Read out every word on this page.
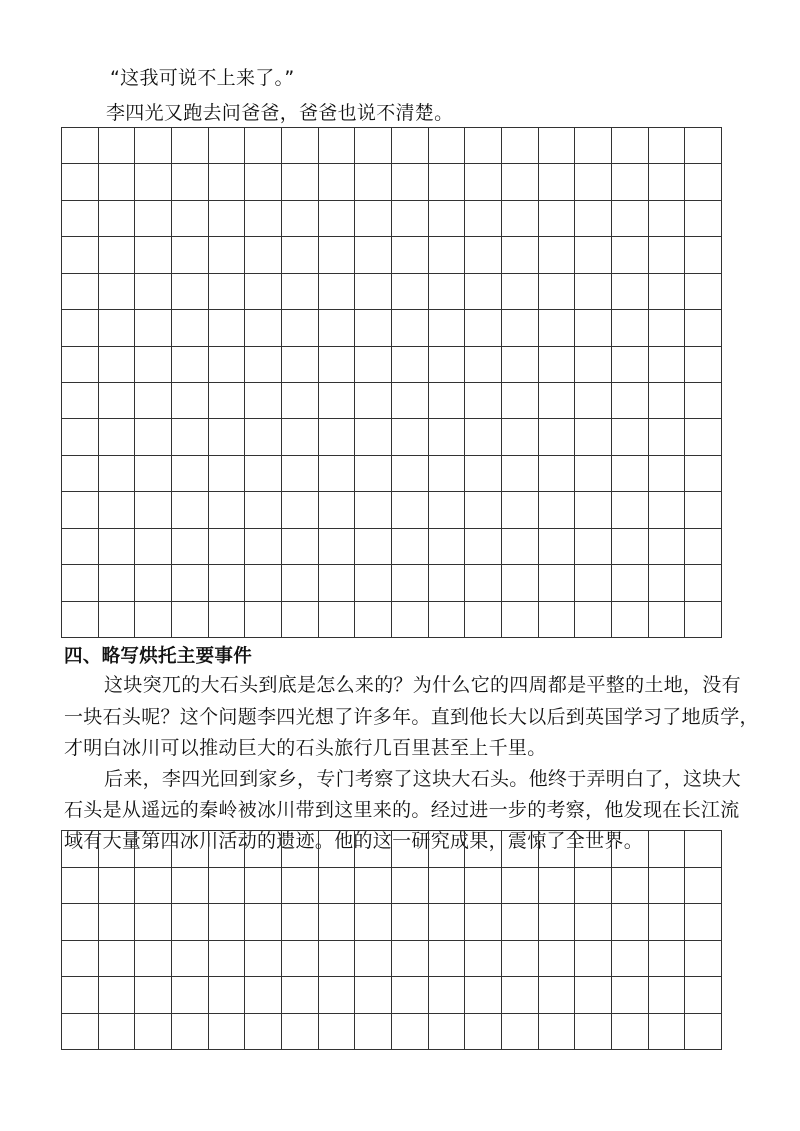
“这我可说不上来了。”
李四光又跑去问爸爸，爸爸也说不清楚。
四、略写烘托主要事件
这块突兀的大石头到底是怎么来的？为什么它的四周都是平整的土地，没有
一块石头呢？这个问题李四光想了许多年。直到他长大以后到英国学习了地质学，
才明白冰川可以推动巨大的石头旅行几百里甚至上千里。
后来，李四光回到家乡，专门考察了这块大石头。他终于弄明白了，这块大
石头是从遥远的秦岭被冰川带到这里来的。经过进一步的考察，他发现在长江流
域有大量第四冰川活动的遗迹。他的这一研究成果，震惊了全世界。
